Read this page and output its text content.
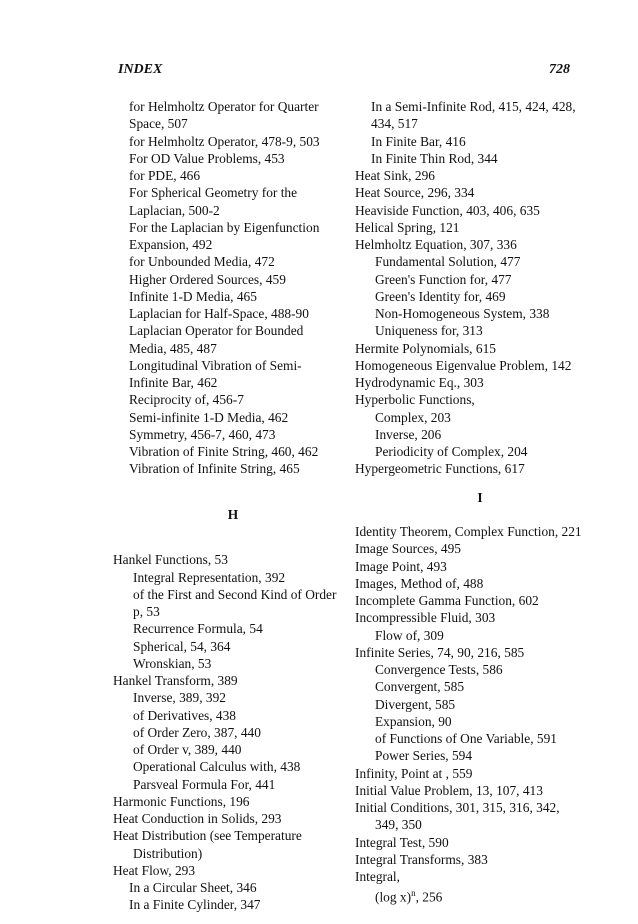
INDEX	728
for Helmholtz Operator for Quarter
Space, 507
for Helmholtz Operator, 478-9, 503
For OD Value Problems, 453
for PDE, 466
For Spherical Geometry for the
Laplacian, 500-2
For the Laplacian by Eigenfunction
Expansion, 492
for Unbounded Media, 472
Higher Ordered Sources, 459
Infinite 1-D Media, 465
Laplacian for Half-Space, 488-90
Laplacian Operator for Bounded
Media, 485, 487
Longitudinal Vibration of Semi-
Infinite Bar, 462
Reciprocity of, 456-7
Semi-infinite 1-D Media, 462
Symmetry, 456-7, 460, 473
Vibration of Finite String, 460, 462
Vibration of Infinite String, 465
H
Hankel Functions, 53
Integral Representation, 392
of the First and Second Kind of Order
p, 53
Recurrence Formula, 54
Spherical, 54, 364
Wronskian, 53
Hankel Transform, 389
Inverse, 389, 392
of Derivatives, 438
of Order Zero, 387, 440
of Order v, 389, 440
Operational Calculus with, 438
Parsveal Formula For, 441
Harmonic Functions, 196
Heat Conduction in Solids, 293
Heat Distribution (see Temperature
Distribution)
Heat Flow, 293
In a Circular Sheet, 346
In a Finite Cylinder, 347
In a Semi-Infinite Rod, 415, 424, 428,
434, 517
In Finite Bar, 416
In Finite Thin Rod, 344
Heat Sink, 296
Heat Source, 296, 334
Heaviside Function, 403, 406, 635
Helical Spring, 121
Helmholtz Equation, 307, 336
Fundamental Solution, 477
Green's Function for, 477
Green's Identity for, 469
Non-Homogeneous System, 338
Uniqueness for, 313
Hermite Polynomials, 615
Homogeneous Eigenvalue Problem, 142
Hydrodynamic Eq., 303
Hyperbolic Functions,
Complex, 203
Inverse, 206
Periodicity of Complex, 204
Hypergeometric Functions, 617
I
Identity Theorem, Complex Function, 221
Image Sources, 495
Image Point, 493
Images, Method of, 488
Incomplete Gamma Function, 602
Incompressible Fluid, 303
Flow of, 309
Infinite Series, 74, 90, 216, 585
Convergence Tests, 586
Convergent, 585
Divergent, 585
Expansion, 90
of Functions of One Variable, 591
Power Series, 594
Infinity, Point at , 559
Initial Value Problem, 13, 107, 413
Initial Conditions, 301, 315, 316, 342,
349, 350
Integral Test, 590
Integral Transforms, 383
Integral,
(log x)$^n$, 256
